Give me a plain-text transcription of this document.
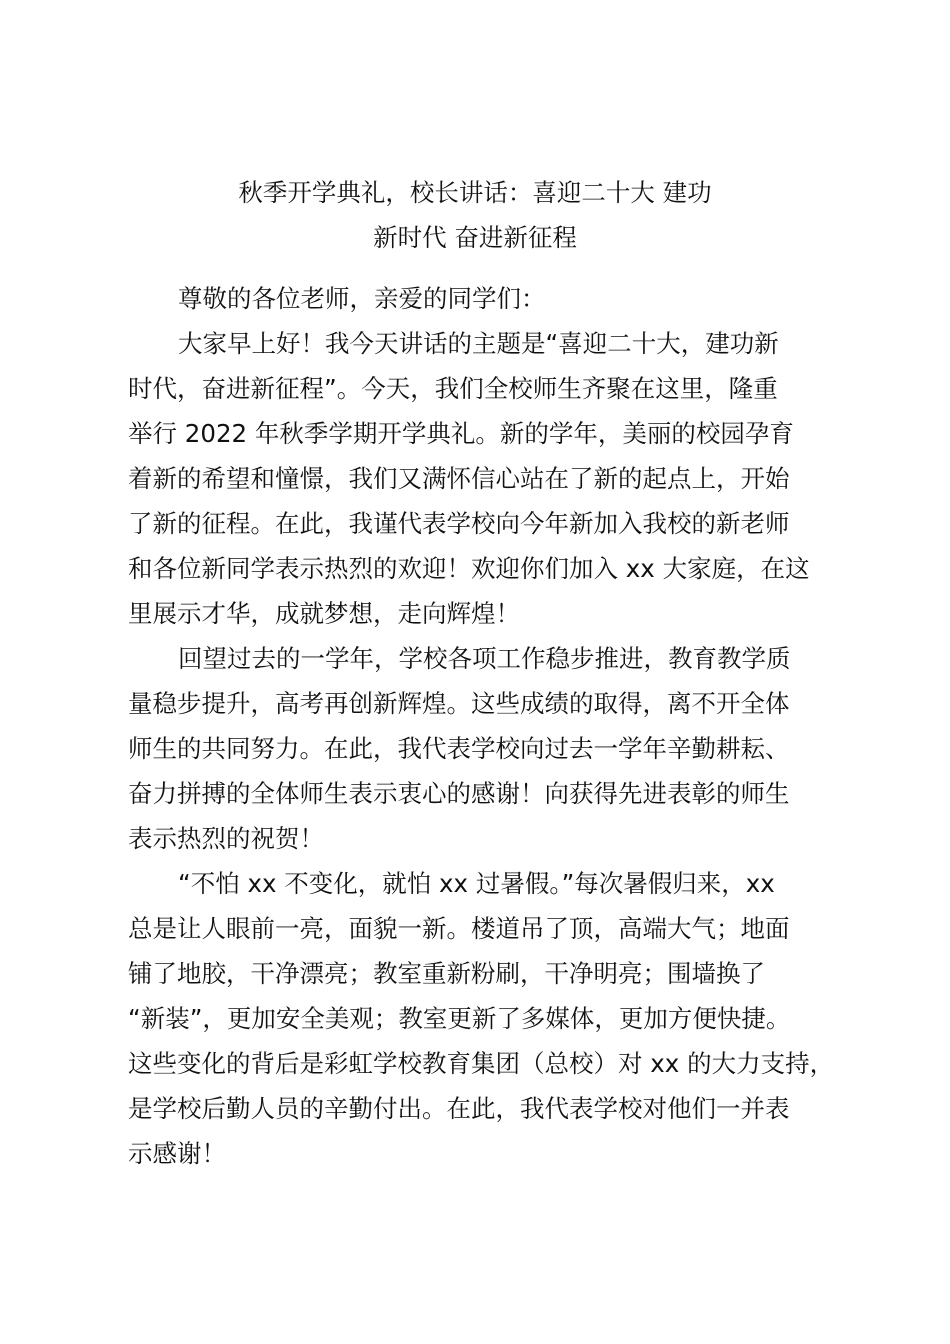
秋季开学典礼，校长讲话：喜迎二十大 建功
新时代 奋进新征程
尊敬的各位老师，亲爱的同学们：
大家早上好！我今天讲话的主题是“喜迎二十大，建功新
时代，奋进新征程”。今天，我们全校师生齐聚在这里，隆重
举行 2022 年秋季学期开学典礼。新的学年，美丽的校园孕育
着新的希望和憧憬，我们又满怀信心站在了新的起点上，开始
了新的征程。在此，我谨代表学校向今年新加入我校的新老师
和各位新同学表示热烈的欢迎！欢迎你们加入 xx 大家庭，在这
里展示才华，成就梦想，走向辉煌！
回望过去的一学年，学校各项工作稳步推进，教育教学质
量稳步提升，高考再创新辉煌。这些成绩的取得，离不开全体
师生的共同努力。在此，我代表学校向过去一学年辛勤耕耘、
奋力拼搏的全体师生表示衷心的感谢！向获得先进表彰的师生
表示热烈的祝贺！
“不怕 xx 不变化，就怕 xx 过暑假。”每次暑假归来，xx
总是让人眼前一亮，面貌一新。楼道吊了顶，高端大气；地面
铺了地胶，干净漂亮；教室重新粉刷，干净明亮；围墙换了
“新装”，更加安全美观；教室更新了多媒体，更加方便快捷。
这些变化的背后是彩虹学校教育集团（总校）对 xx 的大力支持，
是学校后勤人员的辛勤付出。在此，我代表学校对他们一并表
示感谢！
